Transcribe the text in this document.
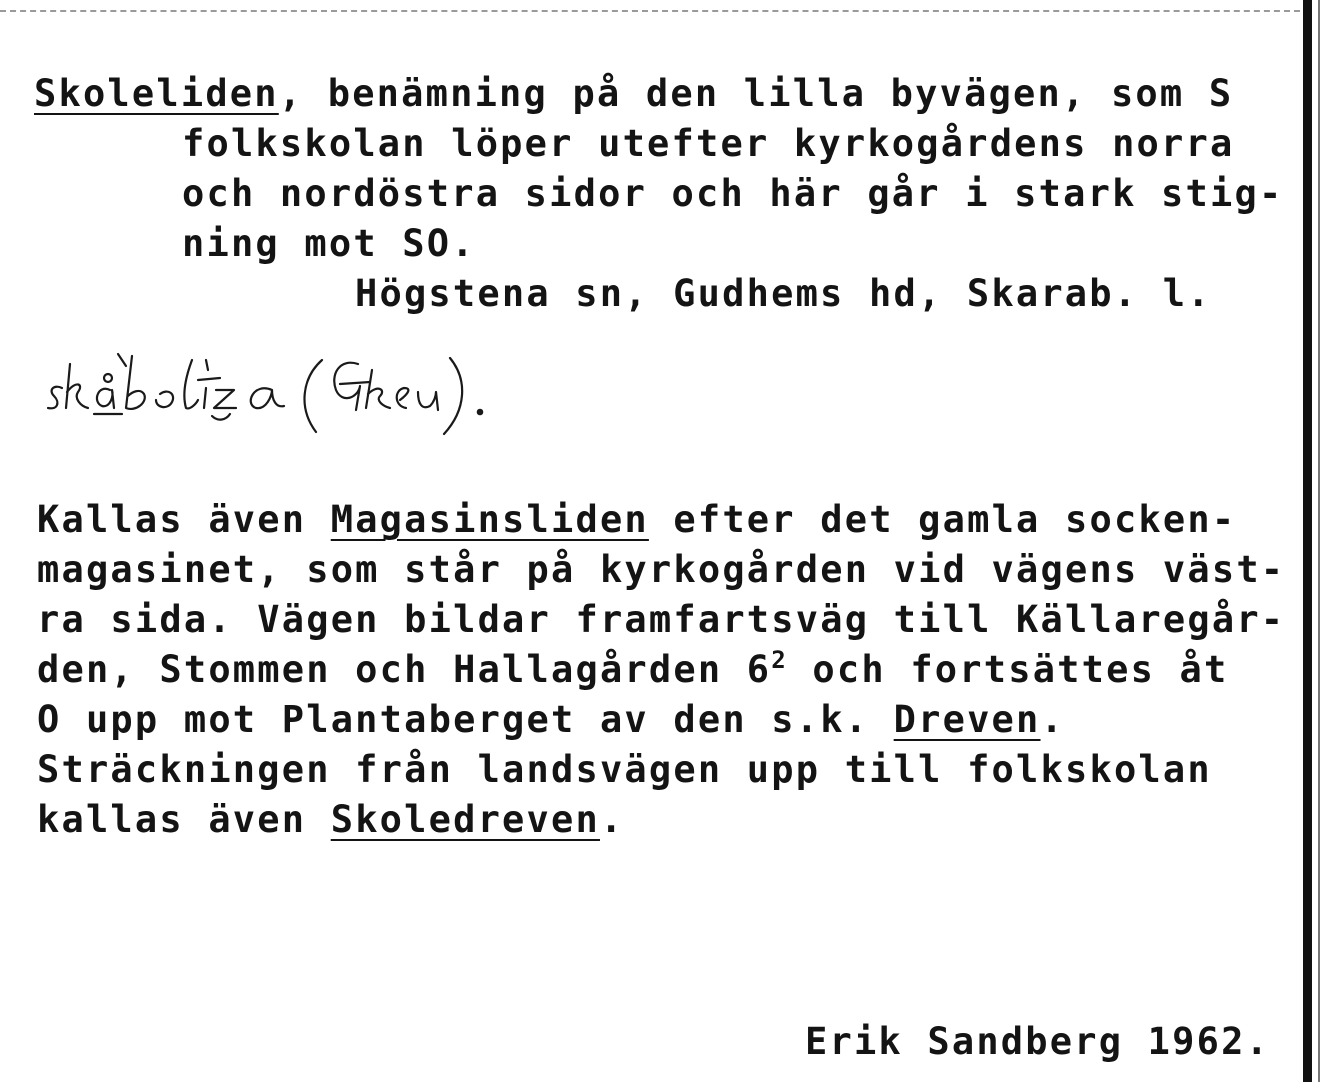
Skoleliden, benämning på den lilla byvägen, som S
folkskolan löper utefter kyrkogårdens norra
och nordöstra sidor och här går i stark stig-
ning mot SO.
Högstena sn, Gudhems hd, Skarab. l.
Kallas även Magasinsliden efter det gamla socken-
magasinet, som står på kyrkogården vid vägens väst-
ra sida. Vägen bildar framfartsväg till Källaregår-
den, Stommen och Hallagården $6^2$ och fortsättes åt
O upp mot Plantaberget av den s.k. Dreven.
Sträckningen från landsvägen upp till folkskolan
kallas även Skoledreven.
Erik Sandberg 1962.
